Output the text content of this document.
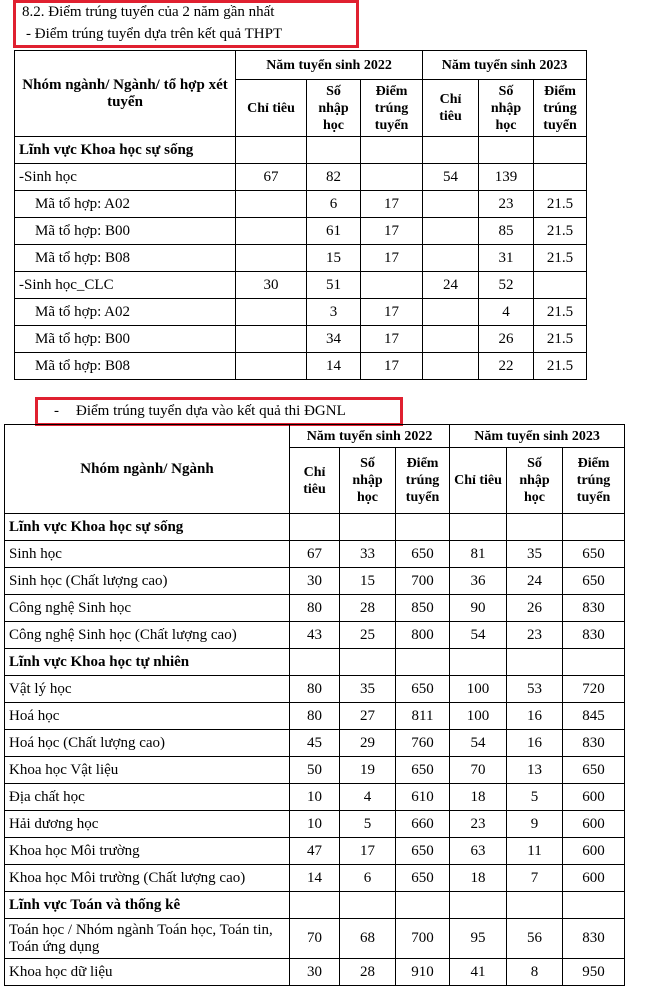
8.2. Điểm trúng tuyển của 2 năm gần nhất
- Điểm trúng tuyển dựa trên kết quả THPT
Nhóm ngành/ Ngành/ tổ hợp xét tuyển	Năm tuyển sinh 2022			Năm tuyển sinh 2023		
	Chỉ tiêu	Số nhập học	Điểm trúng tuyển	Chỉ tiêu	Số nhập học	Điểm trúng tuyển
Lĩnh vực Khoa học sự sống						
-Sinh học	67	82		54	139	
Mã tổ hợp: A02		6	17		23	21.5
Mã tổ hợp: B00		61	17		85	21.5
Mã tổ hợp: B08		15	17		31	21.5
-Sinh học_CLC	30	51		24	52	
Mã tổ hợp: A02		3	17		4	21.5
Mã tổ hợp: B00		34	17		26	21.5
Mã tổ hợp: B08		14	17		22	21.5
- Điểm trúng tuyển dựa vào kết quả thi ĐGNL
Nhóm ngành/ Ngành	Năm tuyển sinh 2022			Năm tuyển sinh 2023		
	Chỉ tiêu	Số nhập học	Điểm trúng tuyển	Chỉ tiêu	Số nhập học	Điểm trúng tuyển
Lĩnh vực Khoa học sự sống						
Sinh học	67	33	650	81	35	650
Sinh học (Chất lượng cao)	30	15	700	36	24	650
Công nghệ Sinh học	80	28	850	90	26	830
Công nghệ Sinh học (Chất lượng cao)	43	25	800	54	23	830
Lĩnh vực Khoa học tự nhiên						
Vật lý học	80	35	650	100	53	720
Hoá học	80	27	811	100	16	845
Hoá học (Chất lượng cao)	45	29	760	54	16	830
Khoa học Vật liệu	50	19	650	70	13	650
Địa chất học	10	4	610	18	5	600
Hải dương học	10	5	660	23	9	600
Khoa học Môi trường	47	17	650	63	11	600
Khoa học Môi trường (Chất lượng cao)	14	6	650	18	7	600
Lĩnh vực Toán và thống kê						
Toán học / Nhóm ngành Toán học, Toán tin, Toán ứng dụng	70	68	700	95	56	830
Khoa học dữ liệu	30	28	910	41	8	950
